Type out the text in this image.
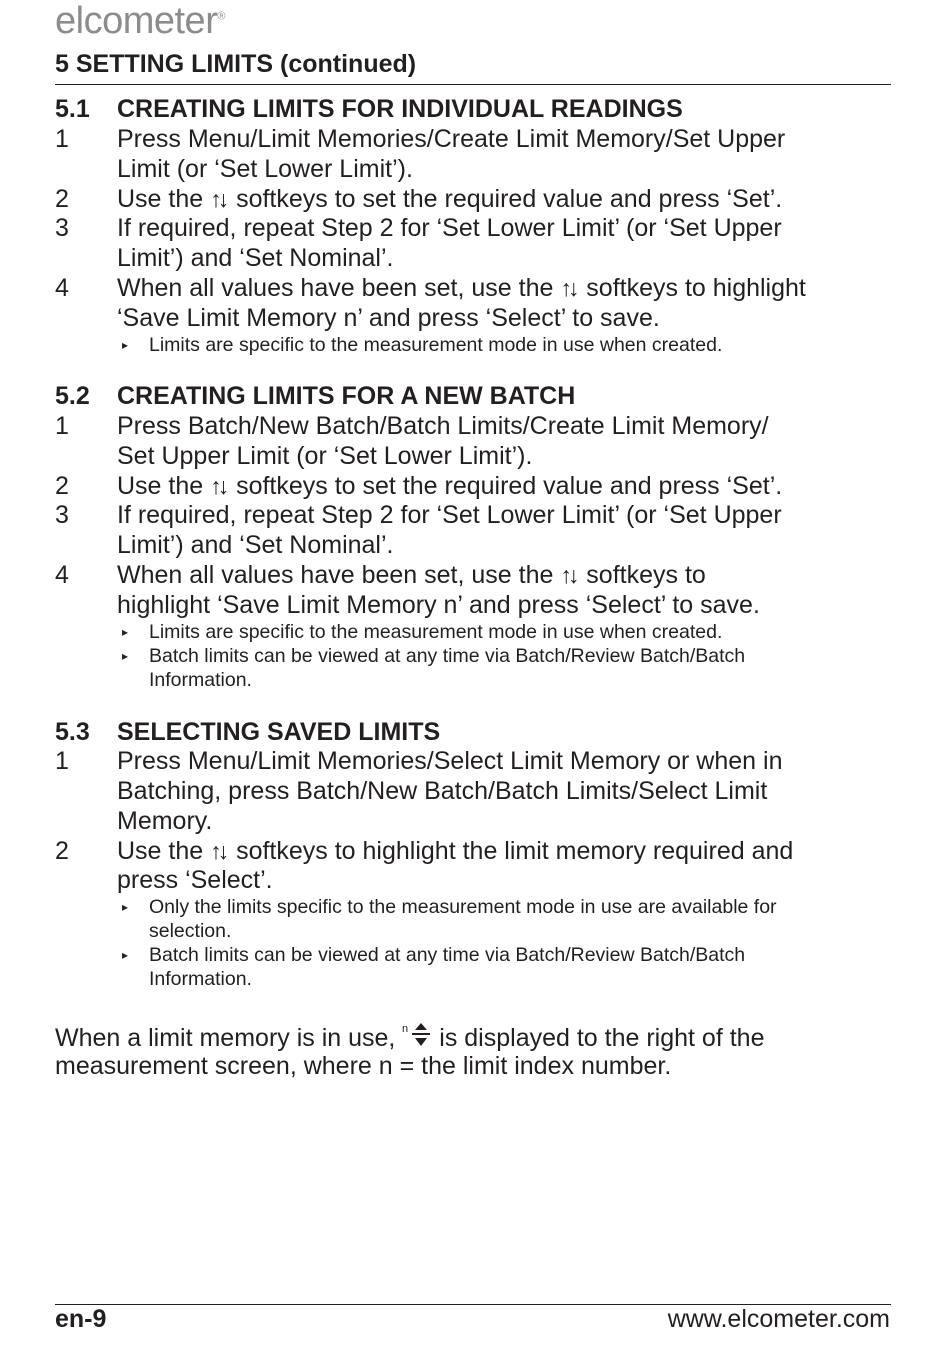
elcometer®
5 SETTING LIMITS (continued)
5.1 CREATING LIMITS FOR INDIVIDUAL READINGS
1 Press Menu/Limit Memories/Create Limit Memory/Set Upper
Limit (or ‘Set Lower Limit’).
2 Use the ↑↓ softkeys to set the required value and press ‘Set’.
3 If required, repeat Step 2 for ‘Set Lower Limit’ (or ‘Set Upper
Limit’) and ‘Set Nominal’.
4 When all values have been set, use the ↑↓ softkeys to highlight
‘Save Limit Memory n’ and press ‘Select’ to save.
▸ Limits are specific to the measurement mode in use when created.
5.2 CREATING LIMITS FOR A NEW BATCH
1 Press Batch/New Batch/Batch Limits/Create Limit Memory/
Set Upper Limit (or ‘Set Lower Limit’).
2 Use the ↑↓ softkeys to set the required value and press ‘Set’.
3 If required, repeat Step 2 for ‘Set Lower Limit’ (or ‘Set Upper
Limit’) and ‘Set Nominal’.
4 When all values have been set, use the ↑↓ softkeys to
highlight ‘Save Limit Memory n’ and press ‘Select’ to save.
▸ Limits are specific to the measurement mode in use when created.
▸ Batch limits can be viewed at any time via Batch/Review Batch/Batch
Information.
5.3 SELECTING SAVED LIMITS
1 Press Menu/Limit Memories/Select Limit Memory or when in
Batching, press Batch/New Batch/Batch Limits/Select Limit
Memory.
2 Use the ↑↓ softkeys to highlight the limit memory required and
press ‘Select’.
▸ Only the limits specific to the measurement mode in use are available for
selection.
▸ Batch limits can be viewed at any time via Batch/Review Batch/Batch
Information.
When a limit memory is in use, n is displayed to the right of the
measurement screen, where n = the limit index number.
en-9	www.elcometer.com
